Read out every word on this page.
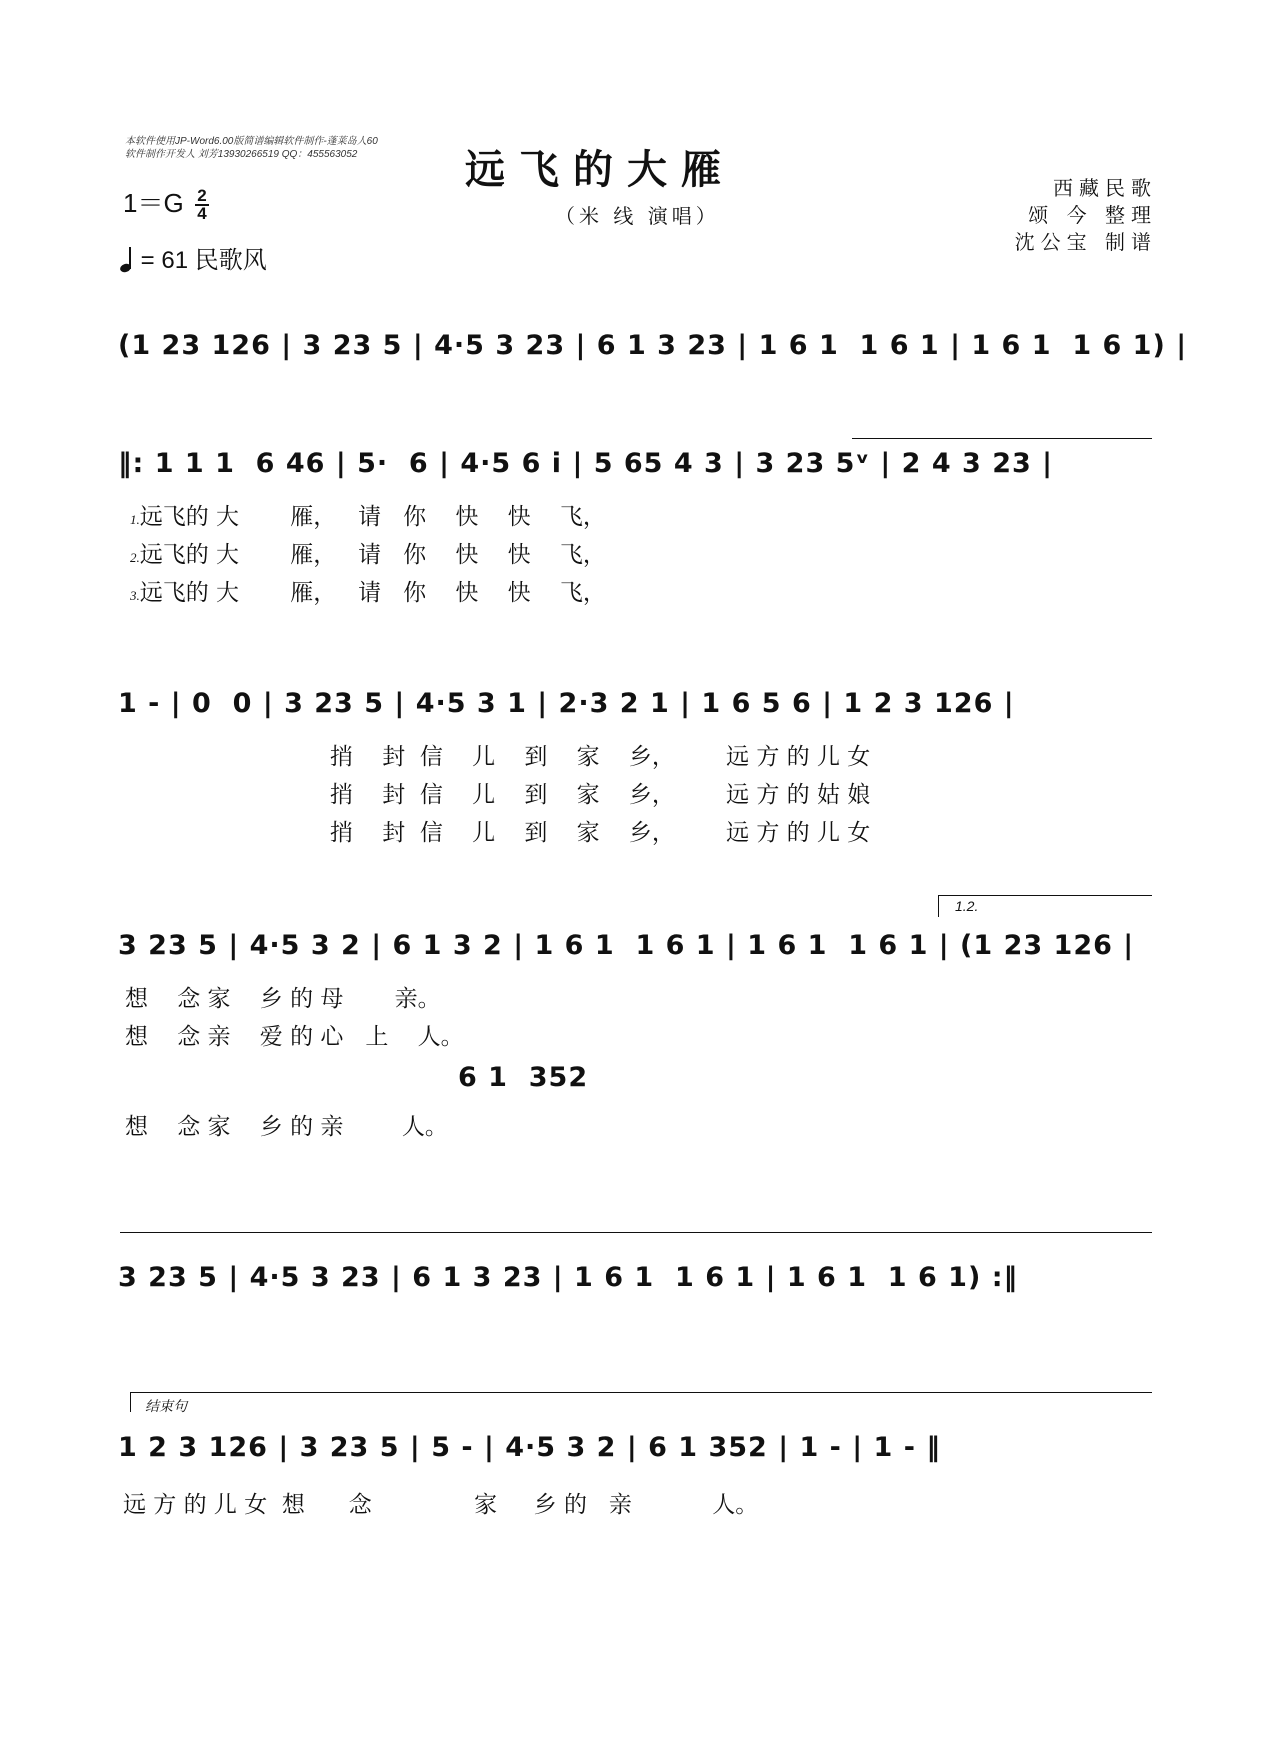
本软件使用JP-Word6.00版简谱编辑软件制作-蓬莱岛人60
软件制作开发人 刘芳13930266519 QQ：455563052	远飞的大雁
（米 线 演唱）
西藏民歌
颂 今 整理
沈公宝 制谱
$1=G \frac{2}{4}$
= 61 民歌风
(1 23 126 | 3 23 5 | 4·5 3 23 | 6 1 3 23 | 1 6 1  1 6 1 | 1 6 1  1 6 1) |
‖: 1 1 1  6 46 | 5·  6 | 4·5 6 i | 5 65 4 3 | 3 23 5ᵛ | 2 4 3 23 |
1.远飞的 大       雁，   请   你    快    快    飞，
2.远飞的 大       雁，   请   你    快    快    飞，
3.远飞的 大       雁，   请   你    快    快    飞，
1 - | 0  0 | 3 23 5 | 4·5 3 1 | 2·3 2 1 | 1 6 5 6 | 1 2 3 126 |
捎    封  信    儿    到    家    乡，       远 方 的 儿 女
捎    封  信    儿    到    家    乡，       远 方 的 姑 娘
捎    封  信    儿    到    家    乡，       远 方 的 儿 女
1.2.
3 23 5 | 4·5 3 2 | 6 1 3 2 | 1 6 1  1 6 1 | 1 6 1  1 6 1 | (1 23 126 |
想    念 家    乡 的 母       亲。
想    念 亲    爱 的 心   上    人。
6 1  352
想    念 家    乡 的 亲        人。
3 23 5 | 4·5 3 23 | 6 1 3 23 | 1 6 1  1 6 1 | 1 6 1  1 6 1) :‖
结束句
1 2 3 126 | 3 23 5 | 5 - | 4·5 3 2 | 6 1 352 | 1 - | 1 - ‖
远 方 的 儿 女  想      念              家     乡 的   亲           人。
